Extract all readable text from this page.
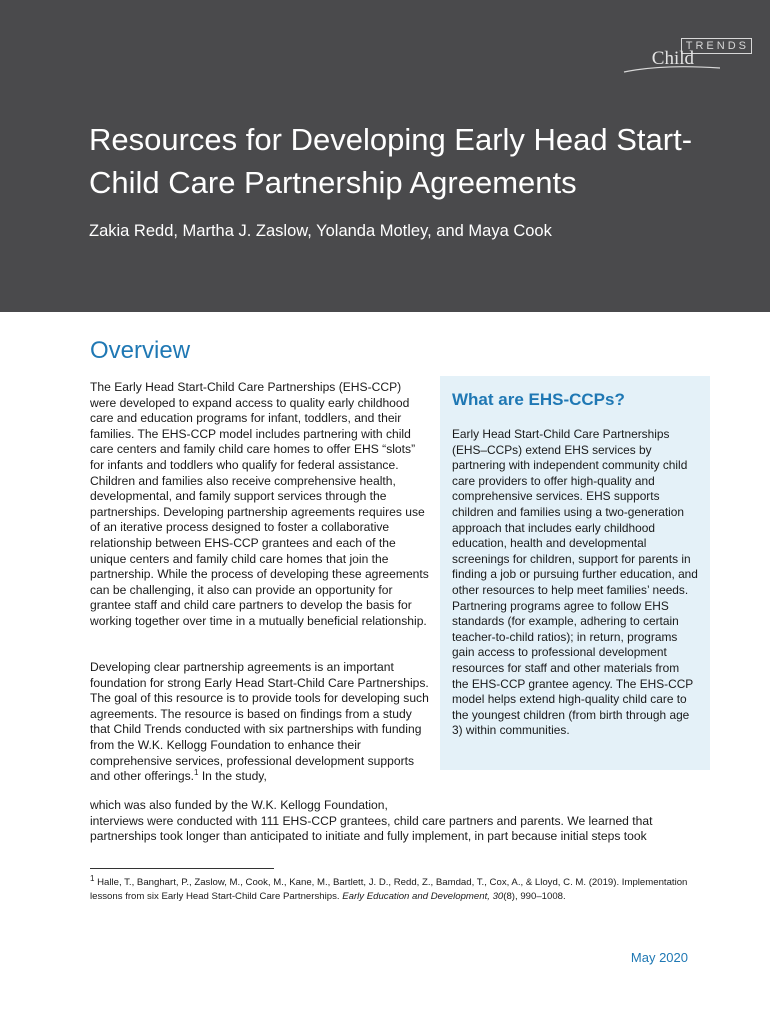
TRENDS
Child
Resources for Developing Early Head Start-Child Care Partnership Agreements
Zakia Redd, Martha J. Zaslow, Yolanda Motley, and Maya Cook
Overview
The Early Head Start-Child Care Partnerships (EHS-CCP) were developed to expand access to quality early childhood care and education programs for infant, toddlers, and their families. The EHS-CCP model includes partnering with child care centers and family child care homes to offer EHS “slots” for infants and toddlers who qualify for federal assistance. Children and families also receive comprehensive health, developmental, and family support services through the partnerships. Developing partnership agreements requires use of an iterative process designed to foster a collaborative relationship between EHS-CCP grantees and each of the unique centers and family child care homes that join the partnership. While the process of developing these agreements can be challenging, it also can provide an opportunity for grantee staff and child care partners to develop the basis for working together over time in a mutually beneficial relationship.
Developing clear partnership agreements is an important foundation for strong Early Head Start-Child Care Partnerships. The goal of this resource is to provide tools for developing such agreements. The resource is based on findings from a study that Child Trends conducted with six partnerships with funding from the W.K. Kellogg Foundation to enhance their comprehensive services, professional development supports and other offerings.$^1$ In the study,
which was also funded by the W.K. Kellogg Foundation,
interviews were conducted with 111 EHS-CCP grantees, child care partners and parents. We learned that
partnerships took longer than anticipated to initiate and fully implement, in part because initial steps took
What are EHS-CCPs?

Early Head Start-Child Care Partnerships (EHS–CCPs) extend EHS services by partnering with independent community child care providers to offer high-quality and comprehensive services. EHS supports children and families using a two-generation approach that includes early childhood education, health and developmental screenings for children, support for parents in finding a job or pursuing further education, and other resources to help meet families’ needs. Partnering programs agree to follow EHS standards (for example, adhering to certain teacher-to-child ratios); in return, programs gain access to professional development resources for staff and other materials from the EHS-CCP grantee agency. The EHS-CCP model helps extend high-quality child care to the youngest children (from birth through age 3) within communities.

$^1$ Halle, T., Banghart, P., Zaslow, M., Cook, M., Kane, M., Bartlett, J. D., Redd, Z., Bamdad, T., Cox, A., & Lloyd, C. M. (2019). Implementation lessons from six Early Head Start-Child Care Partnerships. Early Education and Development, 30(8), 990–1008.
May 2020
